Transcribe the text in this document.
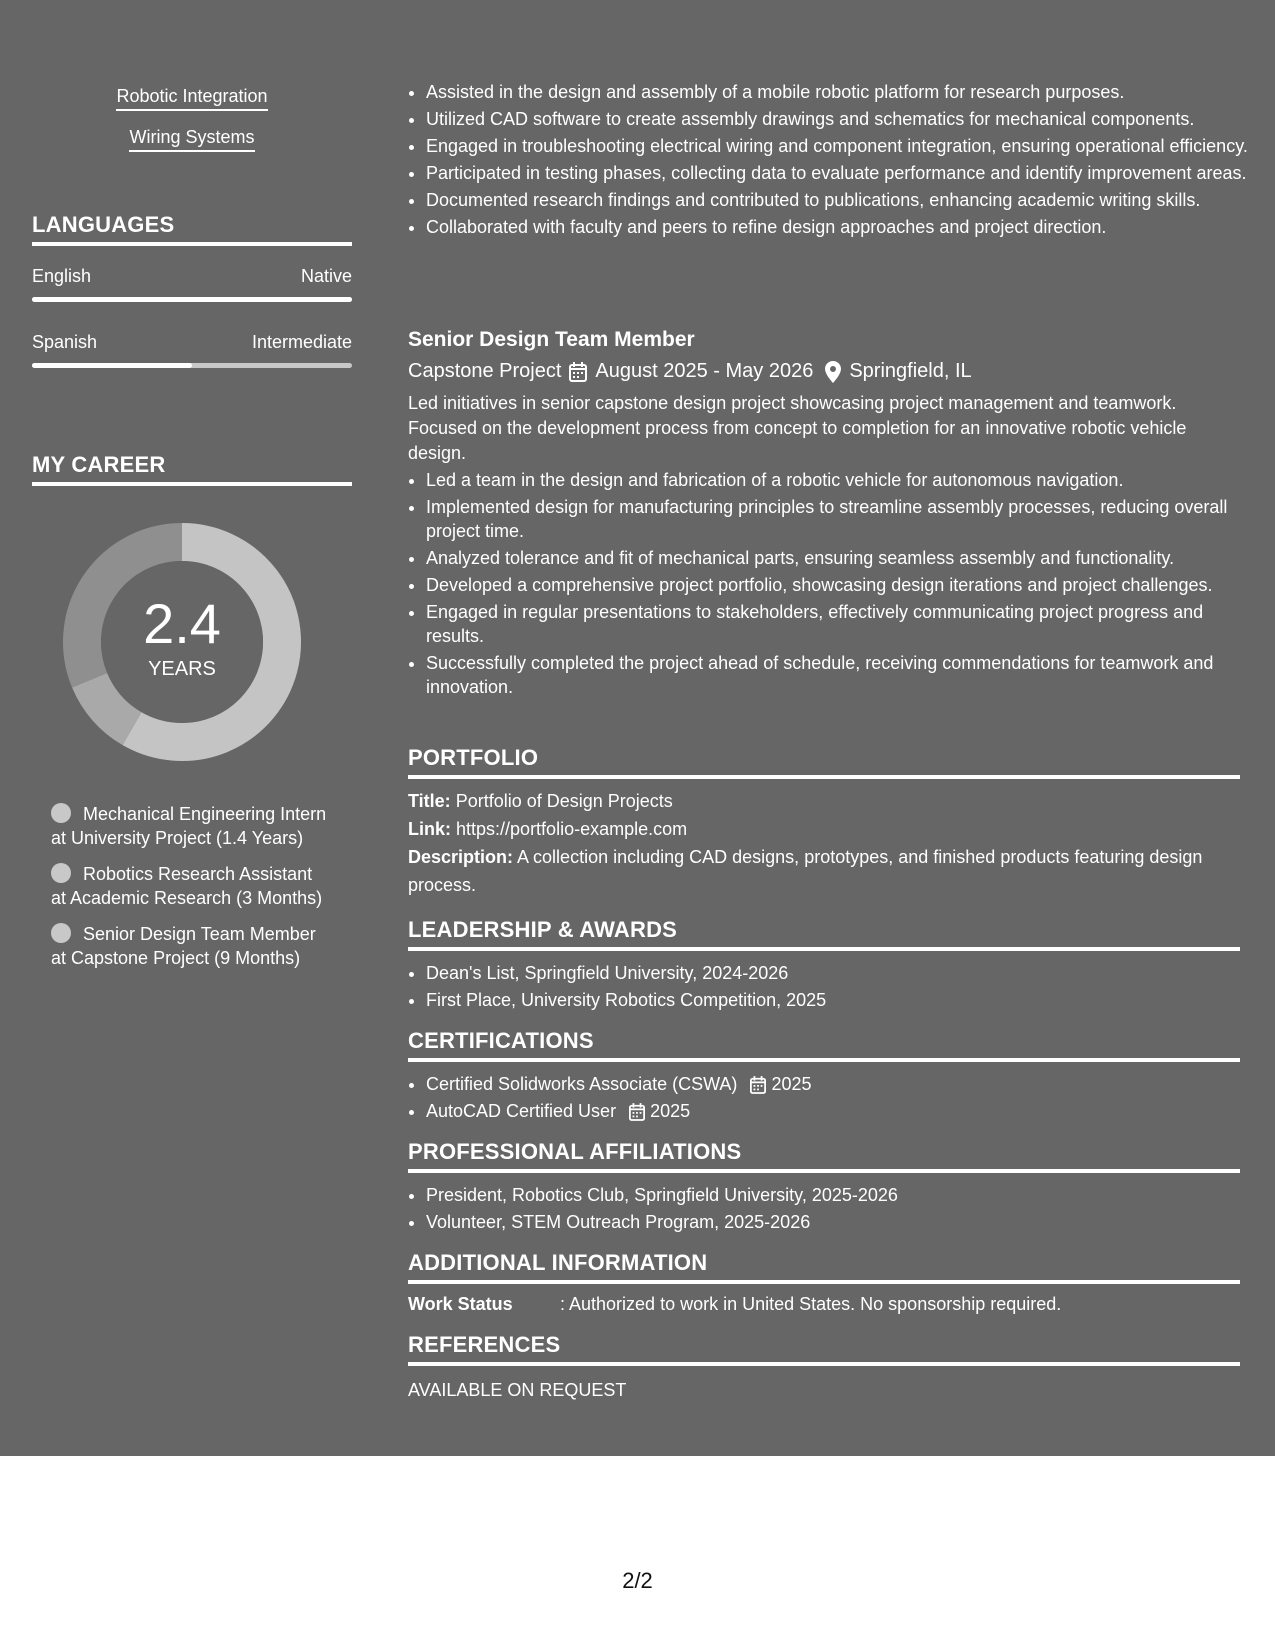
Robotic Integration
Wiring Systems
LANGUAGES
English	Native
Spanish	Intermediate
MY CAREER
2.4
YEARS
Mechanical Engineering Intern at University Project (1.4 Years)
Robotics Research Assistant at Academic Research (3 Months)
Senior Design Team Member at Capstone Project (9 Months)
• Assisted in the design and assembly of a mobile robotic platform for research purposes.
• Utilized CAD software to create assembly drawings and schematics for mechanical components.
• Engaged in troubleshooting electrical wiring and component integration, ensuring operational efficiency.
• Participated in testing phases, collecting data to evaluate performance and identify improvement areas.
• Documented research findings and contributed to publications, enhancing academic writing skills.
• Collaborated with faculty and peers to refine design approaches and project direction.
Senior Design Team Member
Capstone Project August 2025 - May 2026 Springfield, IL
Led initiatives in senior capstone design project showcasing project management and teamwork. Focused on the development process from concept to completion for an innovative robotic vehicle design.
• Led a team in the design and fabrication of a robotic vehicle for autonomous navigation.
• Implemented design for manufacturing principles to streamline assembly processes, reducing overall project time.
• Analyzed tolerance and fit of mechanical parts, ensuring seamless assembly and functionality.
• Developed a comprehensive project portfolio, showcasing design iterations and project challenges.
• Engaged in regular presentations to stakeholders, effectively communicating project progress and results.
• Successfully completed the project ahead of schedule, receiving commendations for teamwork and innovation.
PORTFOLIO
Title: Portfolio of Design Projects
Link: https://portfolio-example.com
Description: A collection including CAD designs, prototypes, and finished products featuring design process.
LEADERSHIP & AWARDS
• Dean's List, Springfield University, 2024-2026
• First Place, University Robotics Competition, 2025
CERTIFICATIONS
• Certified Solidworks Associate (CSWA) 2025
• AutoCAD Certified User 2025
PROFESSIONAL AFFILIATIONS
• President, Robotics Club, Springfield University, 2025-2026
• Volunteer, STEM Outreach Program, 2025-2026
ADDITIONAL INFORMATION
Work Status	: Authorized to work in United States. No sponsorship required.
REFERENCES
AVAILABLE ON REQUEST
2/2
